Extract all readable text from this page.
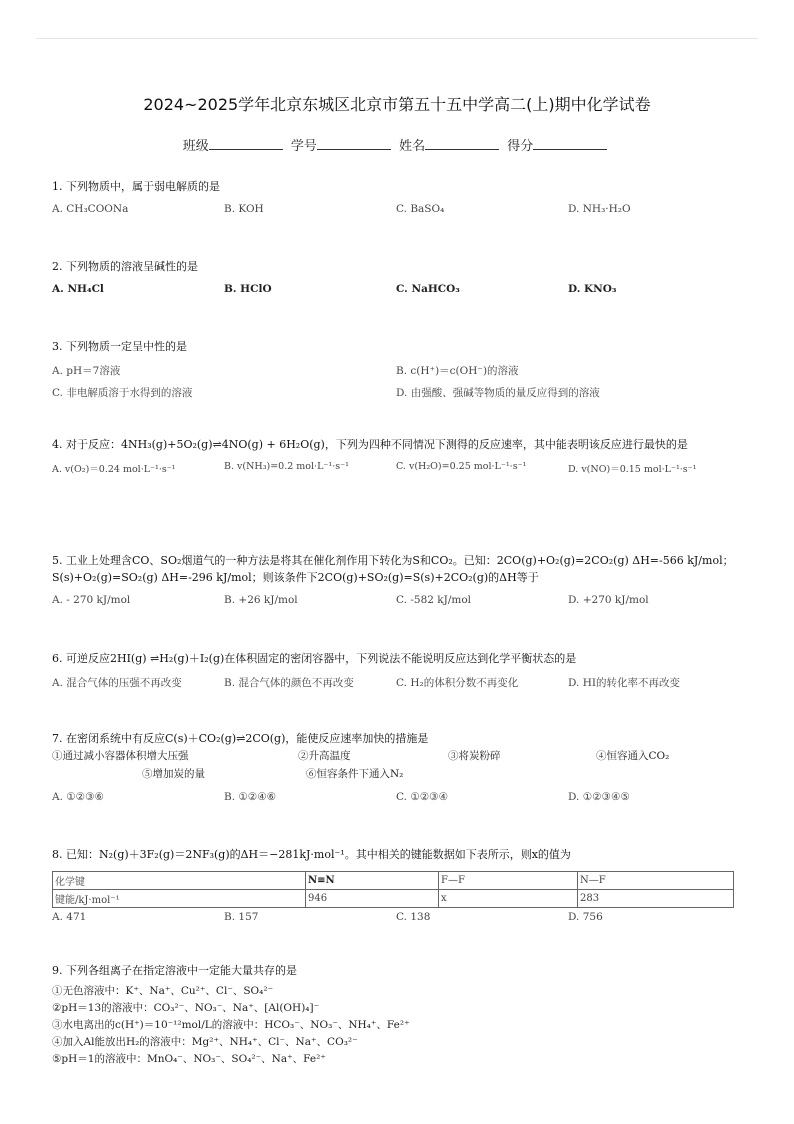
2024~2025学年北京东城区北京市第五十五中学高二(上)期中化学试卷
班级	学号	姓名	得分
1. 下列物质中，属于弱电解质的是
A. CH₃COONa	B. KOH	C. BaSO₄	D. NH₃·H₂O
2. 下列物质的溶液呈碱性的是
A. NH₄Cl	B. HClO	C. NaHCO₃	D. KNO₃
3. 下列物质一定呈中性的是
A. pH＝7溶液	B. c(H⁺)＝c(OH⁻)的溶液
C. 非电解质溶于水得到的溶液	D. 由强酸、强碱等物质的量反应得到的溶液
4. 对于反应：4NH₃(g)+5O₂(g)⇌4NO(g) + 6H₂O(g)，下列为四种不同情况下测得的反应速率，其中能表明该反应进行最快的是
A. v(O₂)＝0.24 mol·L⁻¹·s⁻¹	B. v(NH₃)=0.2 mol·L⁻¹·s⁻¹	C. v(H₂O)=0.25 mol·L⁻¹·s⁻¹	D. v(NO)＝0.15 mol·L⁻¹·s⁻¹
5. 工业上处理含CO、SO₂烟道气的一种方法是将其在催化剂作用下转化为S和CO₂。已知：2CO(g)+O₂(g)=2CO₂(g) ΔH=-566 kJ/mol； S(s)+O₂(g)=SO₂(g) ΔH=-296 kJ/mol；则该条件下2CO(g)+SO₂(g)=S(s)+2CO₂(g)的ΔH等于
A. - 270 kJ/mol	B. +26 kJ/mol	C. -582 kJ/mol	D. +270 kJ/mol
6. 可逆反应2HI(g) ⇌H₂(g)＋I₂(g)在体积固定的密闭容器中，下列说法不能说明反应达到化学平衡状态的是
A. 混合气体的压强不再改变	B. 混合气体的颜色不再改变	C. H₂的体积分数不再变化	D. HI的转化率不再改变
7. 在密闭系统中有反应C(s)＋CO₂(g)⇌2CO(g)，能使反应速率加快的措施是
①通过减小容器体积增大压强	②升高温度	③将炭粉碎	④恒容通入CO₂
⑤增加炭的量	⑥恒容条件下通入N₂
A. ①②③⑥	B. ①②④⑥	C. ①②③④	D. ①②③④⑤
8. 已知：N₂(g)＋3F₂(g)＝2NF₃(g)的ΔH＝−281kJ·mol⁻¹。其中相关的键能数据如下表所示，则x的值为
化学键	N≡N	F—F	N—F
键能/kJ·mol⁻¹	946	x	283
A. 471	B. 157	C. 138	D. 756
9. 下列各组离子在指定溶液中一定能大量共存的是
①无色溶液中：K⁺、Na⁺、Cu²⁺、Cl⁻、SO₄²⁻
②pH＝13的溶液中：CO₃²⁻、NO₃⁻、Na⁺、[Al(OH)₄]⁻
③水电离出的c(H⁺)＝10⁻¹²mol/L的溶液中：HCO₃⁻、NO₃⁻、NH₄⁺、Fe²⁺
④加入Al能放出H₂的溶液中：Mg²⁺、NH₄⁺、Cl⁻、Na⁺、CO₃²⁻
⑤pH＝1的溶液中：MnO₄⁻、NO₃⁻、SO₄²⁻、Na⁺、Fe²⁺
